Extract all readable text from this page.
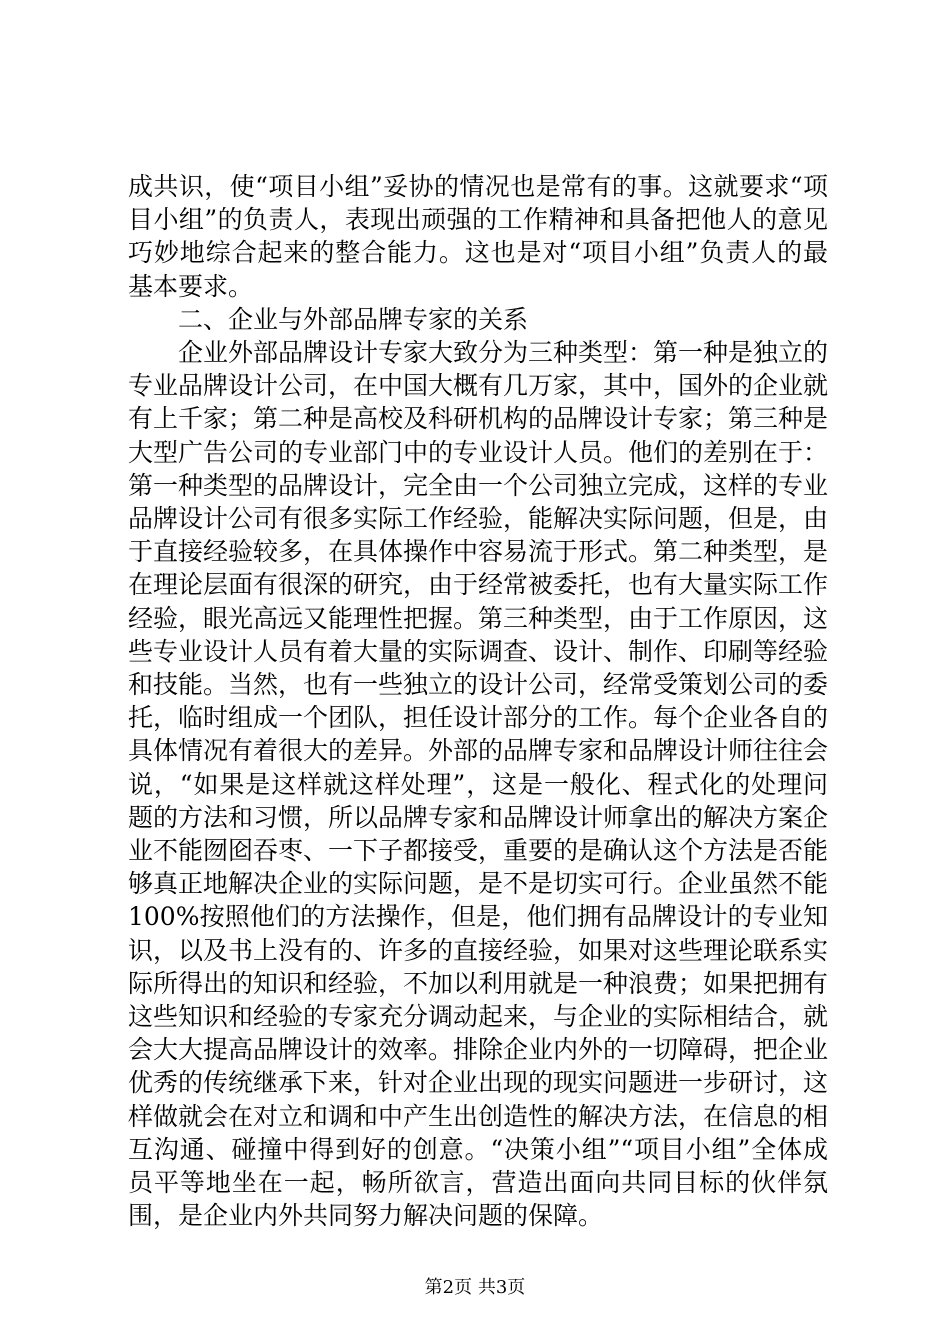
成共识，使“项目小组”妥协的情况也是常有的事。这就要求“项目小组”的负责人，表现出顽强的工作精神和具备把他人的意见巧妙地综合起来的整合能力。这也是对“项目小组”负责人的最基本要求。

二、企业与外部品牌专家的关系

企业外部品牌设计专家大致分为三种类型：第一种是独立的专业品牌设计公司，在中国大概有几万家，其中，国外的企业就有上千家；第二种是高校及科研机构的品牌设计专家；第三种是大型广告公司的专业部门中的专业设计人员。他们的差别在于：第一种类型的品牌设计，完全由一个公司独立完成，这样的专业品牌设计公司有很多实际工作经验，能解决实际问题，但是，由于直接经验较多，在具体操作中容易流于形式。第二种类型，是在理论层面有很深的研究，由于经常被委托，也有大量实际工作经验，眼光高远又能理性把握。第三种类型，由于工作原因，这些专业设计人员有着大量的实际调查、设计、制作、印刷等经验和技能。当然，也有一些独立的设计公司，经常受策划公司的委托，临时组成一个团队，担任设计部分的工作。每个企业各自的具体情况有着很大的差异。外部的品牌专家和品牌设计师往往会说，“如果是这样就这样处理”，这是一般化、程式化的处理问题的方法和习惯，所以品牌专家和品牌设计师拿出的解决方案企业不能囫囵吞枣、一下子都接受，重要的是确认这个方法是否能够真正地解决企业的实际问题，是不是切实可行。企业虽然不能100%按照他们的方法操作，但是，他们拥有品牌设计的专业知识，以及书上没有的、许多的直接经验，如果对这些理论联系实际所得出的知识和经验，不加以利用就是一种浪费；如果把拥有这些知识和经验的专家充分调动起来，与企业的实际相结合，就会大大提高品牌设计的效率。排除企业内外的一切障碍，把企业优秀的传统继承下来，针对企业出现的现实问题进一步研讨，这样做就会在对立和调和中产生出创造性的解决方法，在信息的相互沟通、碰撞中得到好的创意。“决策小组”“项目小组”全体成员平等地坐在一起，畅所欲言，营造出面向共同目标的伙伴氛围，是企业内外共同努力解决问题的保障。

第2页 共3页
